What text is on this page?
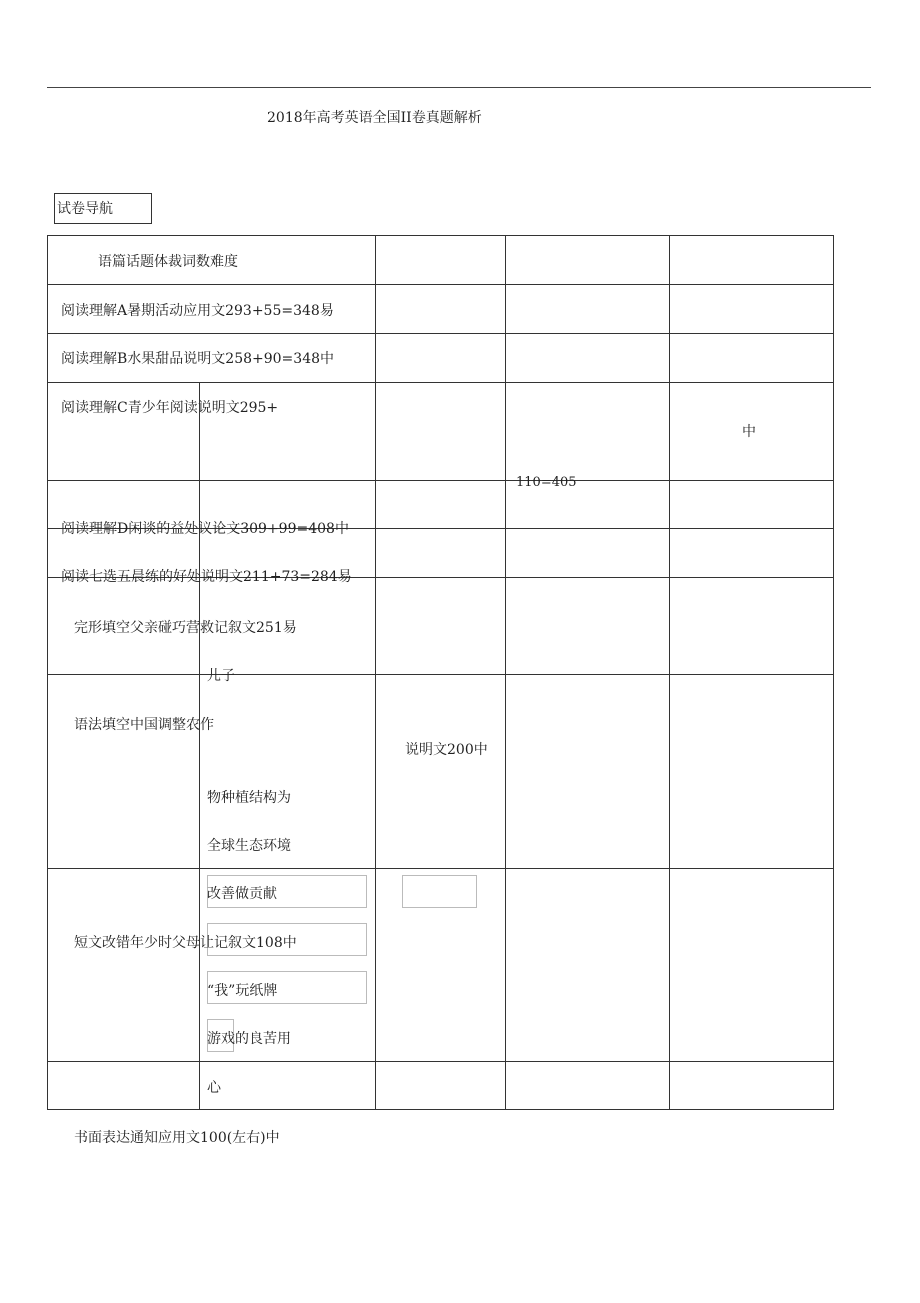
2018年高考英语全国II卷真题解析
试卷导航
语篇话题体裁词数难度
阅读理解A暑期活动应用文293+55=348易
阅读理解B水果甜品说明文258+90=348中
阅读理解C青少年阅读说明文295+
中
110=405
阅读理解D闲谈的益处议论文309+99=408中
阅读七选五晨练的好处说明文211+73=284易
完形填空父亲碰巧营救记叙文251易
儿子
语法填空中国调整农作
说明文200中
物种植结构为
全球生态环境
改善做贡献
短文改错年少时父母让记叙文108中
“我”玩纸牌
游戏的良苦用
心
书面表达通知应用文100(左右)中
